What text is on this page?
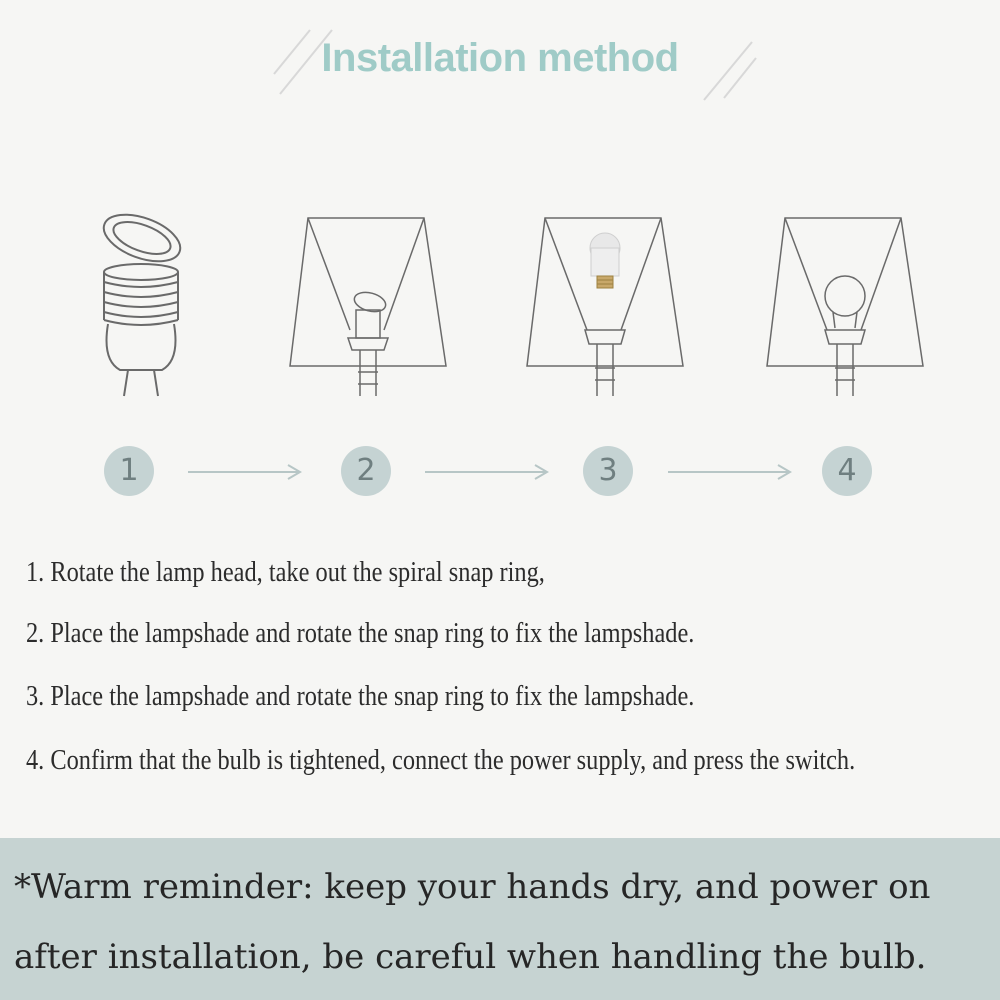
Installation method
1	2	3	4
1. Rotate the lamp head, take out the spiral snap ring,
2. Place the lampshade and rotate the snap ring to fix the lampshade.
3. Place the lampshade and rotate the snap ring to fix the lampshade.
4. Confirm that the bulb is tightened, connect the power supply, and press the switch.
*Warm reminder: keep your hands dry, and power on
after installation, be careful when handling the bulb.
